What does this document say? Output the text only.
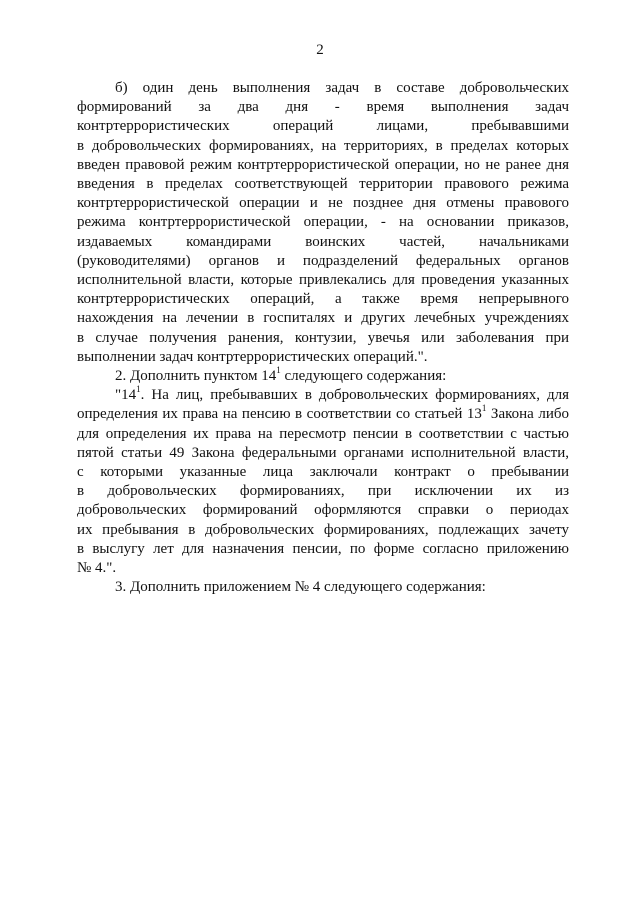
2
б) один день выполнения задач в составе добровольческих
формирований за два дня - время выполнения задач
контртеррористических операций лицами, пребывавшими
в добровольческих формированиях, на территориях, в пределах которых
введен правовой режим контртеррористической операции, но не ранее дня
введения в пределах соответствующей территории правового режима
контртеррористической операции и не позднее дня отмены правового
режима контртеррористической операции, - на основании приказов,
издаваемых командирами воинских частей, начальниками
(руководителями) органов и подразделений федеральных органов
исполнительной власти, которые привлекались для проведения указанных
контртеррористических операций, а также время непрерывного
нахождения на лечении в госпиталях и других лечебных учреждениях
в случае получения ранения, контузии, увечья или заболевания при
выполнении задач контртеррористических операций.".
2. Дополнить пунктом $14^1$ следующего содержания:
"$14^1$. На лиц, пребывавших в добровольческих формированиях, для
определения их права на пенсию в соответствии со статьей $13^1$ Закона либо
для определения их права на пересмотр пенсии в соответствии с частью
пятой статьи 49 Закона федеральными органами исполнительной власти,
с которыми указанные лица заключали контракт о пребывании
в добровольческих формированиях, при исключении их из
добровольческих формирований оформляются справки о периодах
их пребывания в добровольческих формированиях, подлежащих зачету
в выслугу лет для назначения пенсии, по форме согласно приложению
№ 4.".
3. Дополнить приложением № 4 следующего содержания:
